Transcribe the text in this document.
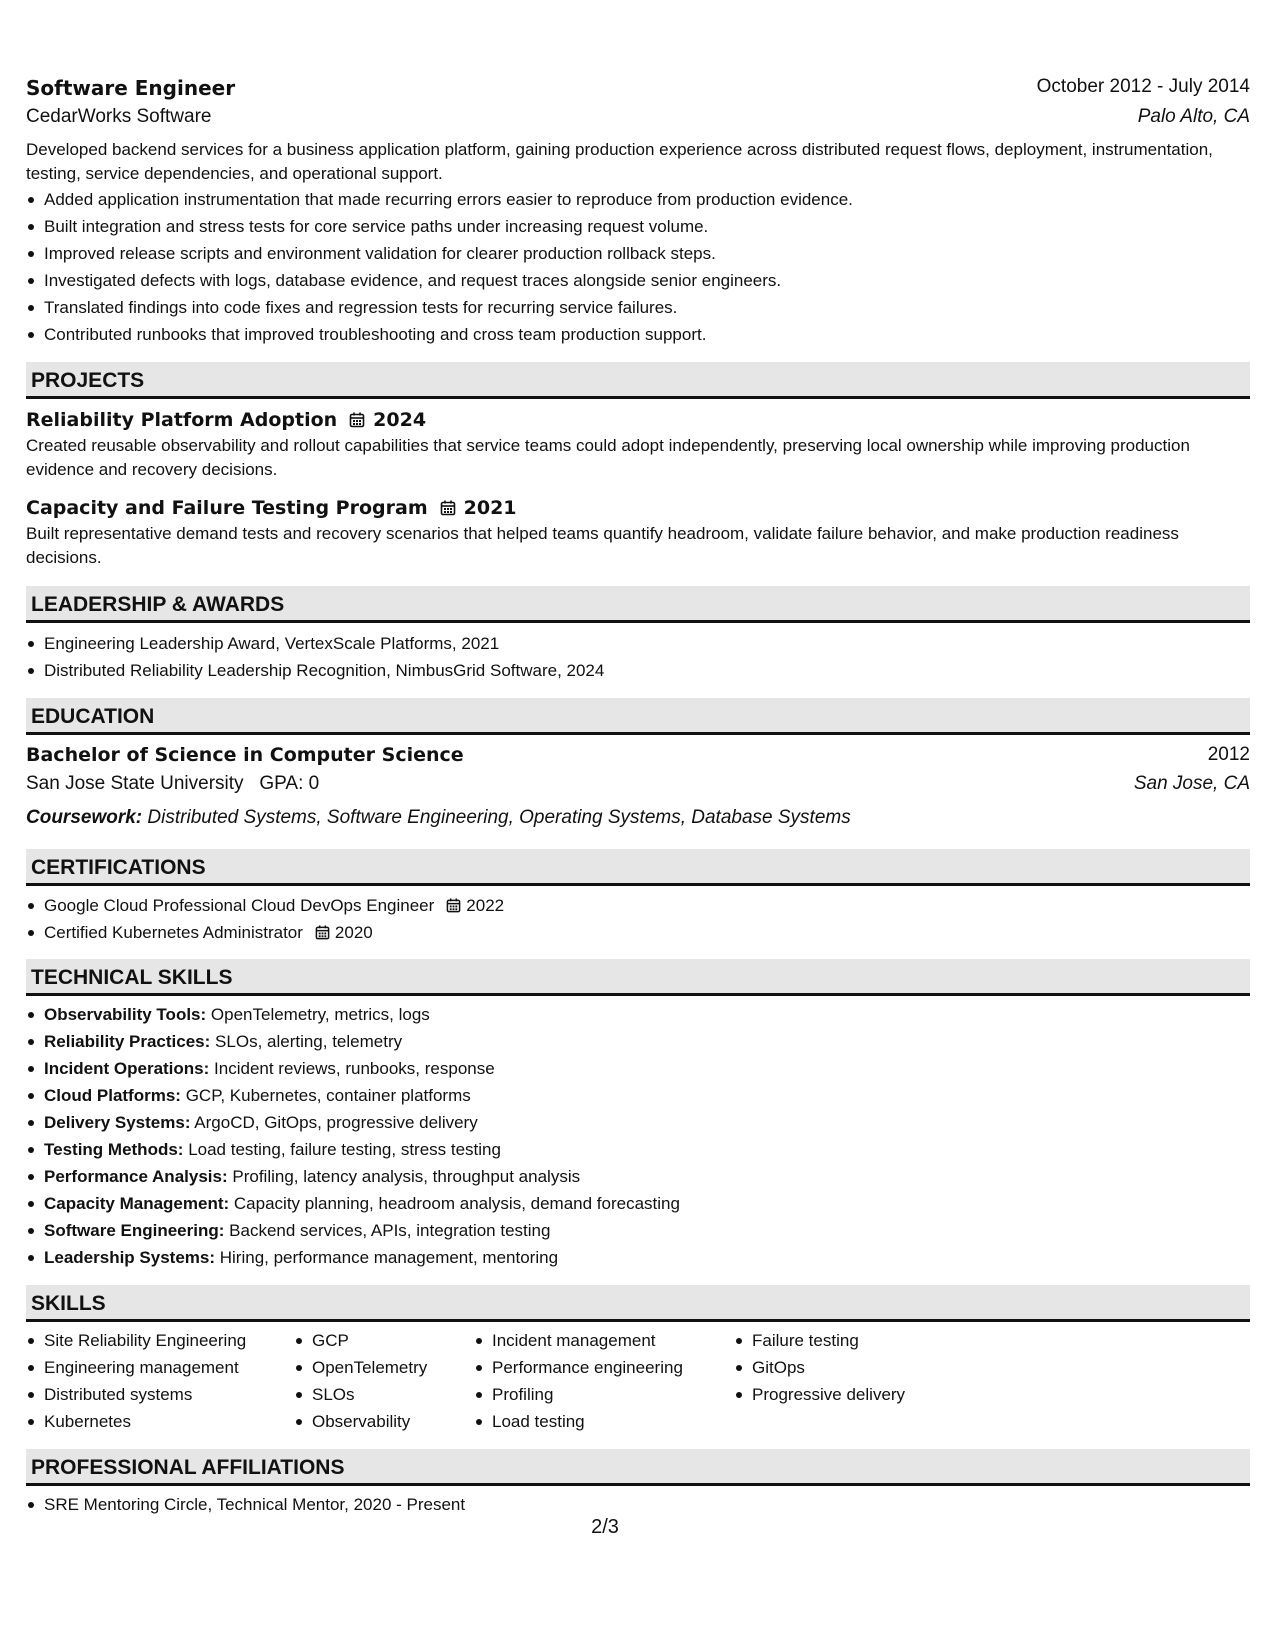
Software Engineer	October 2012 - July 2014
CedarWorks Software	Palo Alto, CA

Developed backend services for a business application platform, gaining production experience across distributed request flows, deployment, instrumentation, testing, service dependencies, and operational support.

Added application instrumentation that made recurring errors easier to reproduce from production evidence.
Built integration and stress tests for core service paths under increasing request volume.
Improved release scripts and environment validation for clearer production rollback steps.
Investigated defects with logs, database evidence, and request traces alongside senior engineers.
Translated findings into code fixes and regression tests for recurring service failures.
Contributed runbooks that improved troubleshooting and cross team production support.
PROJECTS
Reliability Platform Adoption 2024

Created reusable observability and rollout capabilities that service teams could adopt independently, preserving local ownership while improving production evidence and recovery decisions.

Capacity and Failure Testing Program 2021

Built representative demand tests and recovery scenarios that helped teams quantify headroom, validate failure behavior, and make production readiness decisions.

LEADERSHIP & AWARDS
Engineering Leadership Award, VertexScale Platforms, 2021
Distributed Reliability Leadership Recognition, NimbusGrid Software, 2024
EDUCATION
Bachelor of Science in Computer Science	2012
San Jose State University GPA: 0	San Jose, CA
Coursework: Distributed Systems, Software Engineering, Operating Systems, Database Systems
CERTIFICATIONS
Google Cloud Professional Cloud DevOps Engineer 2022
Certified Kubernetes Administrator 2020
TECHNICAL SKILLS
Observability Tools: OpenTelemetry, metrics, logs
Reliability Practices: SLOs, alerting, telemetry
Incident Operations: Incident reviews, runbooks, response
Cloud Platforms: GCP, Kubernetes, container platforms
Delivery Systems: ArgoCD, GitOps, progressive delivery
Testing Methods: Load testing, failure testing, stress testing
Performance Analysis: Profiling, latency analysis, throughput analysis
Capacity Management: Capacity planning, headroom analysis, demand forecasting
Software Engineering: Backend services, APIs, integration testing
Leadership Systems: Hiring, performance management, mentoring
SKILLS
Site Reliability Engineering
Engineering management
Distributed systems
Kubernetes
GCP
OpenTelemetry
SLOs
Observability
Incident management
Performance engineering
Profiling
Load testing
Failure testing
GitOps
Progressive delivery
PROFESSIONAL AFFILIATIONS
SRE Mentoring Circle, Technical Mentor, 2020 - Present
2/3
